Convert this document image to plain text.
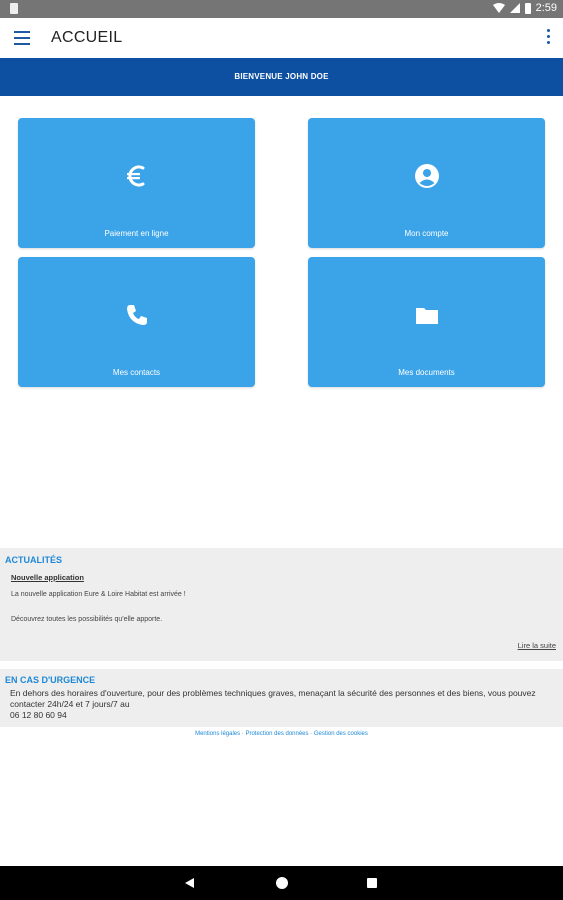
2:59
ACCUEIL
BIENVENUE JOHN DOE
Paiement en ligne	Mon compte
Mes contacts	Mes documents
ACTUALITÉS
Nouvelle application
La nouvelle application Eure & Loire Habitat est arrivée !
Découvrez toutes les possibilités qu'elle apporte.
Lire la suite
EN CAS D'URGENCE
En dehors des horaires d'ouverture, pour des problèmes techniques graves, menaçant la sécurité des personnes et des biens, vous pouvez contacter 24h/24 et 7 jours/7 au
06 12 80 60 94
Mentions légales · Protection des données · Gestion des cookies
